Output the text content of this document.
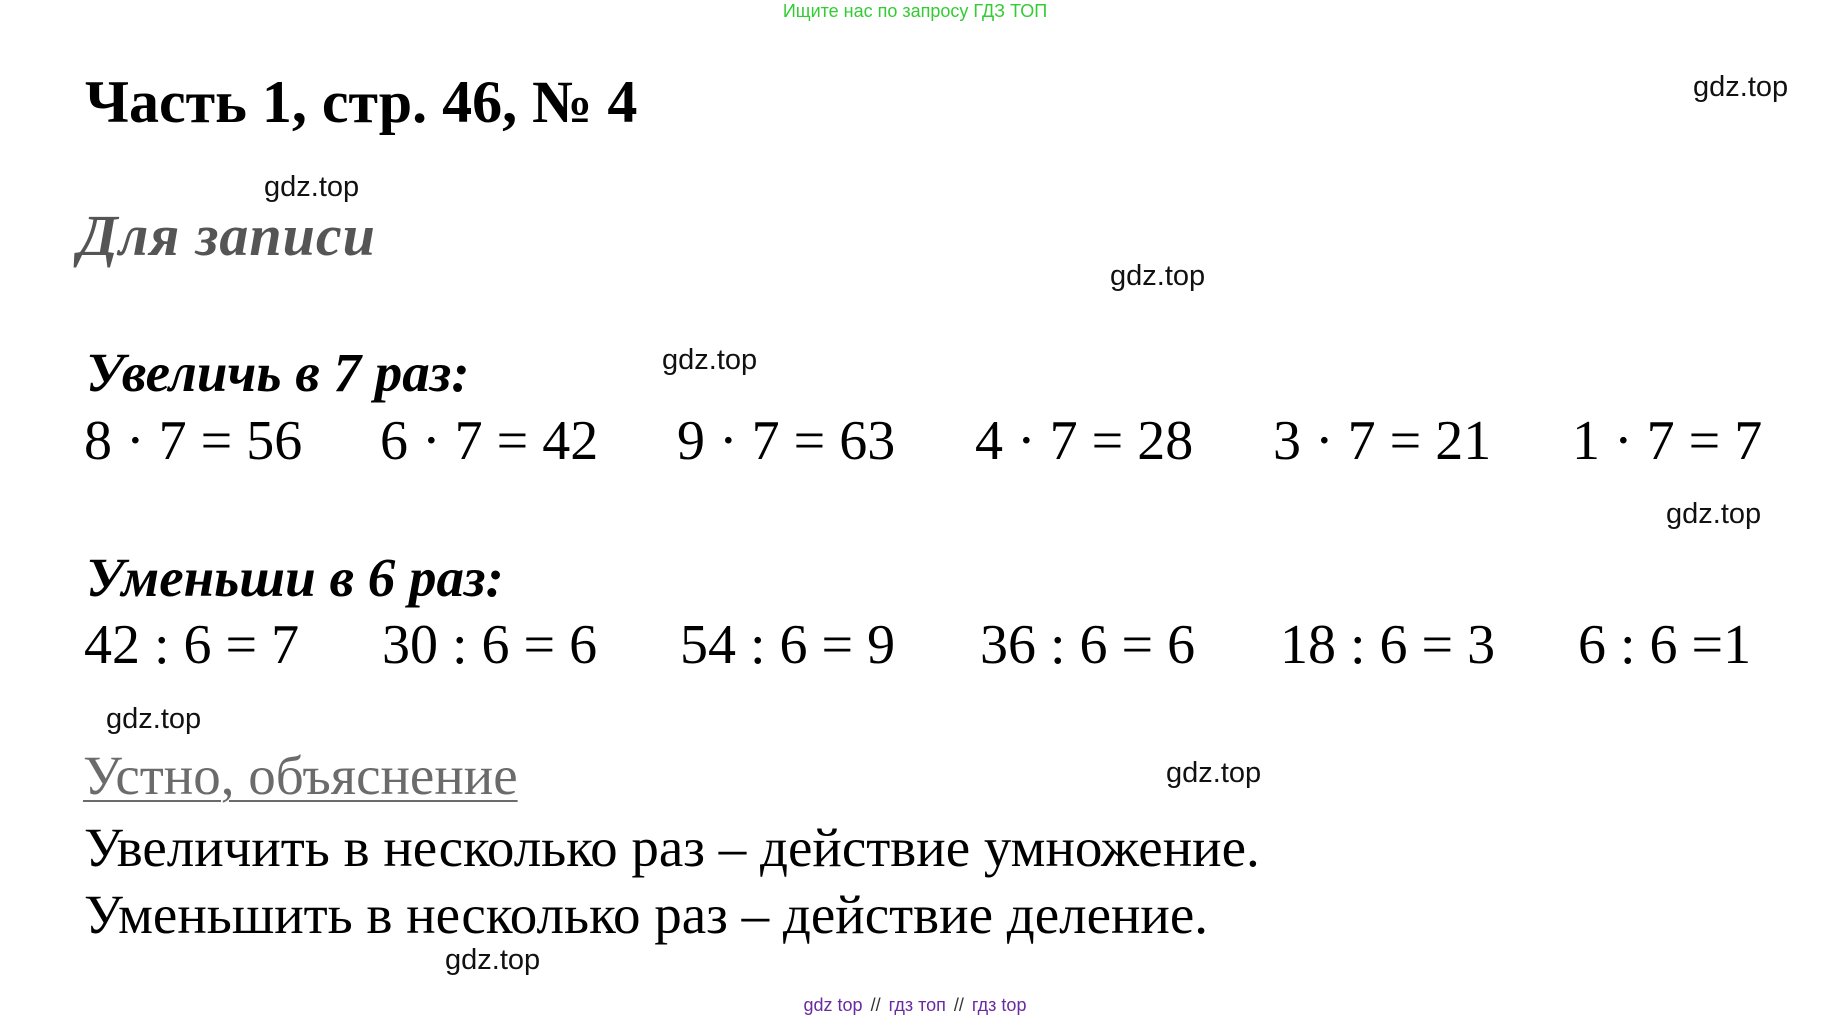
Ищите нас по запросу ГДЗ ТОП
Часть 1, стр. 46, № 4
Для записи
Увеличь в 7 раз:
8 · 7 = 56 6 · 7 = 42 9 · 7 = 63 4 · 7 = 28 3 · 7 = 21 1 · 7 = 7
Уменьши в 6 раз:
42 : 6 = 7 30 : 6 = 6 54 : 6 = 9 36 : 6 = 6 18 : 6 = 3 6 : 6 =1
Устно, объяснение
Увеличить в несколько раз – действие умножение.
Уменьшить в несколько раз – действие деление.
gdz.top
gdz.top
gdz.top
gdz.top
gdz.top
gdz.top
gdz.top
gdz.top
gdz top // гдз топ // гдз top
